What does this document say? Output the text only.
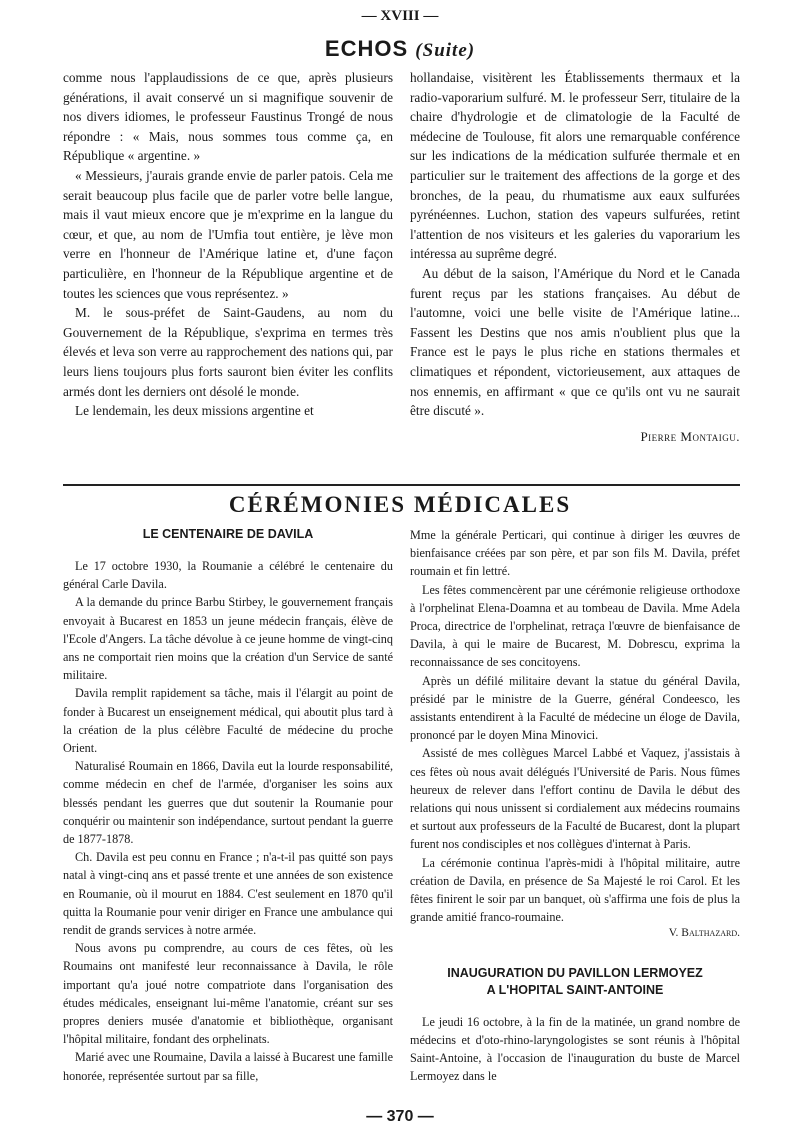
— XVIII —
ECHOS (Suite)

comme nous l'applaudissions de ce que, après plusieurs générations, il avait conservé un si magnifique souvenir de nos divers idiomes, le professeur Faustinus Trongé de nous répondre : « Mais, nous sommes tous comme ça, en République « argentine. »

« Messieurs, j'aurais grande envie de parler patois. Cela me serait beaucoup plus facile que de parler votre belle langue, mais il vaut mieux encore que je m'exprime en la langue du cœur, et que, au nom de l'Umfia tout entière, je lève mon verre en l'honneur de l'Amérique latine et, d'une façon particulière, en l'honneur de la République argentine et de toutes les sciences que vous représentez. »

M. le sous-préfet de Saint-Gaudens, au nom du Gouvernement de la République, s'exprima en termes très élevés et leva son verre au rapprochement des nations qui, par leurs liens toujours plus forts sauront bien éviter les conflits armés dont les derniers ont désolé le monde.

Le lendemain, les deux missions argentine et

hollandaise, visitèrent les Établissements thermaux et la radio-vaporarium sulfuré. M. le professeur Serr, titulaire de la chaire d'hydrologie et de climatologie de la Faculté de médecine de Toulouse, fit alors une remarquable conférence sur les indications de la médication sulfurée thermale et en particulier sur le traitement des affections de la gorge et des bronches, de la peau, du rhumatisme aux eaux sulfurées pyrénéennes. Luchon, station des vapeurs sulfurées, retint l'attention de nos visiteurs et les galeries du vaporarium les intéressa au suprême degré.

Au début de la saison, l'Amérique du Nord et le Canada furent reçus par les stations françaises. Au début de l'automne, voici une belle visite de l'Amérique latine... Fassent les Destins que nos amis n'oublient plus que la France est le pays le plus riche en stations thermales et climatiques et répondent, victorieusement, aux attaques de nos ennemis, en affirmant « que ce qu'ils ont vu ne saurait être discuté ».

Pierre Montaigu.
CÉRÉMONIES MÉDICALES
LE CENTENAIRE DE DAVILA

Le 17 octobre 1930, la Roumanie a célébré le centenaire du général Carle Davila.

A la demande du prince Barbu Stirbey, le gouvernement français envoyait à Bucarest en 1853 un jeune médecin français, élève de l'Ecole d'Angers. La tâche dévolue à ce jeune homme de vingt-cinq ans ne comportait rien moins que la création d'un Service de santé militaire.

Davila remplit rapidement sa tâche, mais il l'élargit au point de fonder à Bucarest un enseignement médical, qui aboutit plus tard à la création de la plus célèbre Faculté de médecine du proche Orient.

Naturalisé Roumain en 1866, Davila eut la lourde responsabilité, comme médecin en chef de l'armée, d'organiser les soins aux blessés pendant les guerres que dut soutenir la Roumanie pour conquérir ou maintenir son indépendance, surtout pendant la guerre de 1877-1878.

Ch. Davila est peu connu en France ; n'a-t-il pas quitté son pays natal à vingt-cinq ans et passé trente et une années de son existence en Roumanie, où il mourut en 1884. C'est seulement en 1870 qu'il quitta la Roumanie pour venir diriger en France une ambulance qui rendit de grands services à notre armée.

Nous avons pu comprendre, au cours de ces fêtes, où les Roumains ont manifesté leur reconnaissance à Davila, le rôle important qu'a joué notre compatriote dans l'organisation des études médicales, enseignant lui-même l'anatomie, créant sur ses propres deniers musée d'anatomie et bibliothèque, organisant l'hôpital militaire, fondant des orphelinats.

Marié avec une Roumaine, Davila a laissé à Bucarest une famille honorée, représentée surtout par sa fille,

Mme la générale Perticari, qui continue à diriger les œuvres de bienfaisance créées par son père, et par son fils M. Davila, préfet roumain et fin lettré.

Les fêtes commencèrent par une cérémonie religieuse orthodoxe à l'orphelinat Elena-Doamna et au tombeau de Davila. Mme Adela Proca, directrice de l'orphelinat, retraça l'œuvre de bienfaisance de Davila, à qui le maire de Bucarest, M. Dobrescu, exprima la reconnaissance de ses concitoyens.

Après un défilé militaire devant la statue du général Davila, présidé par le ministre de la Guerre, général Condeesco, les assistants entendirent à la Faculté de médecine un éloge de Davila, prononcé par le doyen Mina Minovici.

Assisté de mes collègues Marcel Labbé et Vaquez, j'assistais à ces fêtes où nous avait délégués l'Université de Paris. Nous fûmes heureux de relever dans l'effort continu de Davila le début des relations qui nous unissent si cordialement aux médecins roumains et surtout aux professeurs de la Faculté de Bucarest, dont la plupart furent nos condisciples et nos collègues d'internat à Paris.

La cérémonie continua l'après-midi à l'hôpital militaire, autre création de Davila, en présence de Sa Majesté le roi Carol. Et les fêtes finirent le soir par un banquet, où s'affirma une fois de plus la grande amitié franco-roumaine.

V. Balthazard.
INAUGURATION DU PAVILLON LERMOYEZ
A L'HOPITAL SAINT-ANTOINE

Le jeudi 16 octobre, à la fin de la matinée, un grand nombre de médecins et d'oto-rhino-laryngologistes se sont réunis à l'hôpital Saint-Antoine, à l'occasion de l'inauguration du buste de Marcel Lermoyez dans le

— 370 —
